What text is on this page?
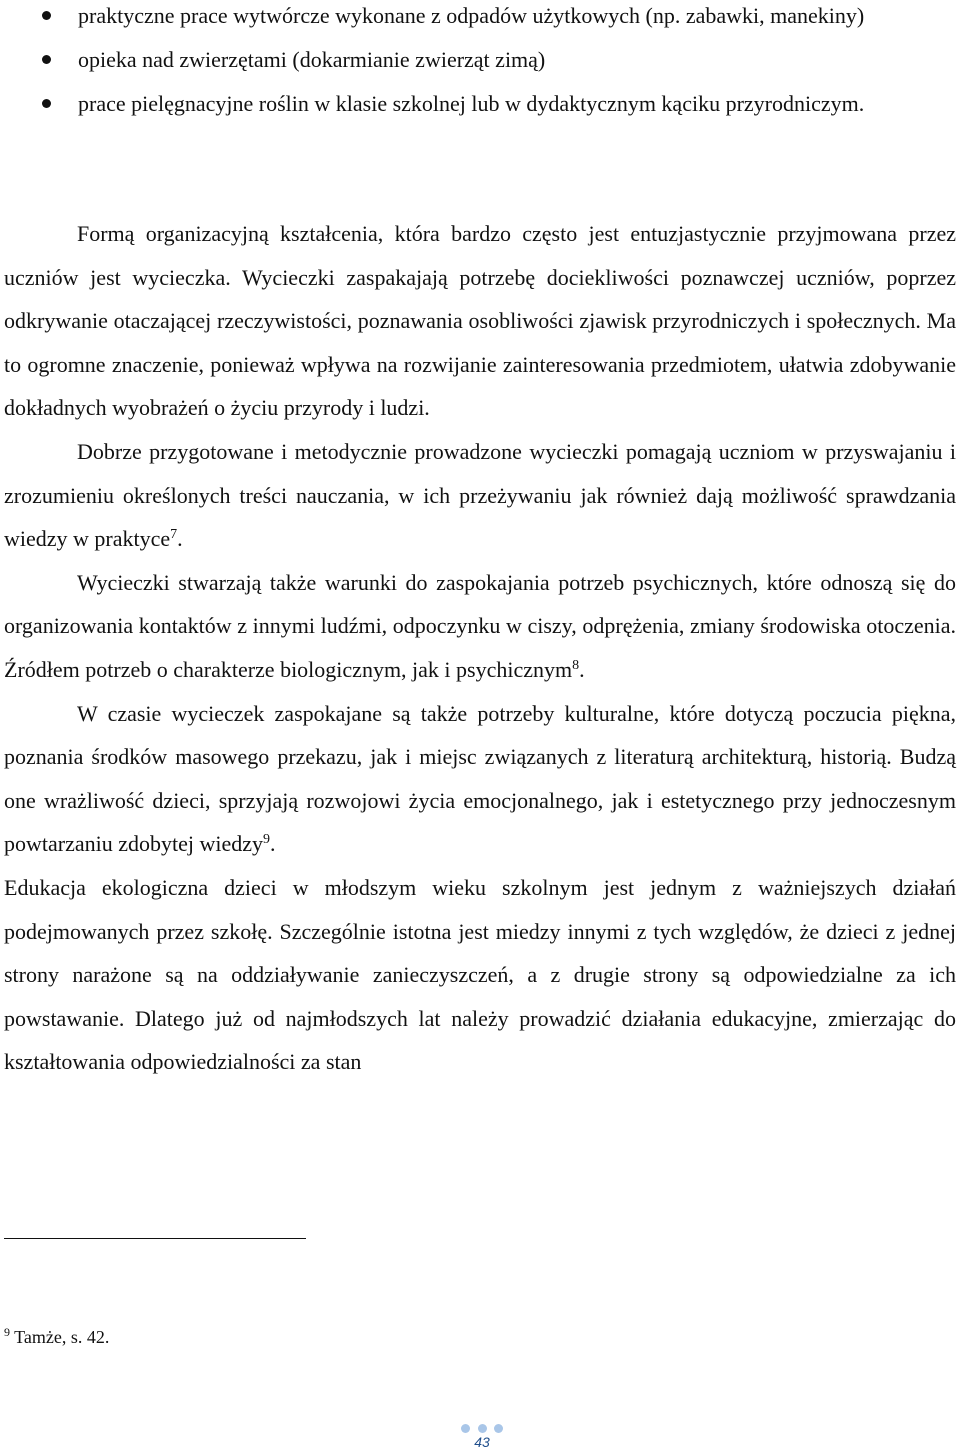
praktyczne prace wytwórcze wykonane z odpadów użytkowych (np. zabawki, manekiny)
opieka nad zwierzętami (dokarmianie zwierząt zimą)
prace pielęgnacyjne roślin w klasie szkolnej lub w dydaktycznym kąciku przyrodniczym.

Formą organizacyjną kształcenia, która bardzo często jest entuzjastycznie przyjmowana przez uczniów jest wycieczka. Wycieczki zaspakajają potrzebę dociekliwości poznawczej uczniów, poprzez odkrywanie otaczającej rzeczywistości, poznawania osobliwości zjawisk przyrodniczych i społecznych. Ma to ogromne znaczenie, ponieważ wpływa na rozwijanie zainteresowania przedmiotem, ułatwia zdobywanie dokładnych wyobrażeń o życiu przyrody i ludzi.

Dobrze przygotowane i metodycznie prowadzone wycieczki pomagają uczniom w przyswajaniu i zrozumieniu określonych treści nauczania, w ich przeżywaniu jak również dają możliwość sprawdzania wiedzy w praktyce$^7$.

Wycieczki stwarzają także warunki do zaspokajania potrzeb psychicznych, które odnoszą się do organizowania kontaktów z innymi ludźmi, odpoczynku w ciszy, odprężenia, zmiany środowiska otoczenia. Źródłem potrzeb o charakterze biologicznym, jak i psychicznym$^8$.

W czasie wycieczek zaspokajane są także potrzeby kulturalne, które dotyczą poczucia piękna, poznania środków masowego przekazu, jak i miejsc związanych z literaturą architekturą, historią. Budzą one wrażliwość dzieci, sprzyjają rozwojowi życia emocjonalnego, jak i estetycznego przy jednoczesnym powtarzaniu zdobytej wiedzy$^9$.

Edukacja ekologiczna dzieci w młodszym wieku szkolnym jest jednym z ważniejszych działań podejmowanych przez szkołę. Szczególnie istotna jest miedzy innymi z tych względów, że dzieci z jednej strony narażone są na oddziaływanie zanieczyszczeń, a z drugie strony są odpowiedzialne za ich powstawanie. Dlatego już od najmłodszych lat należy prowadzić działania edukacyjne, zmierzając do kształtowania odpowiedzialności za stan

$^9$ Tamże, s. 42.
43
